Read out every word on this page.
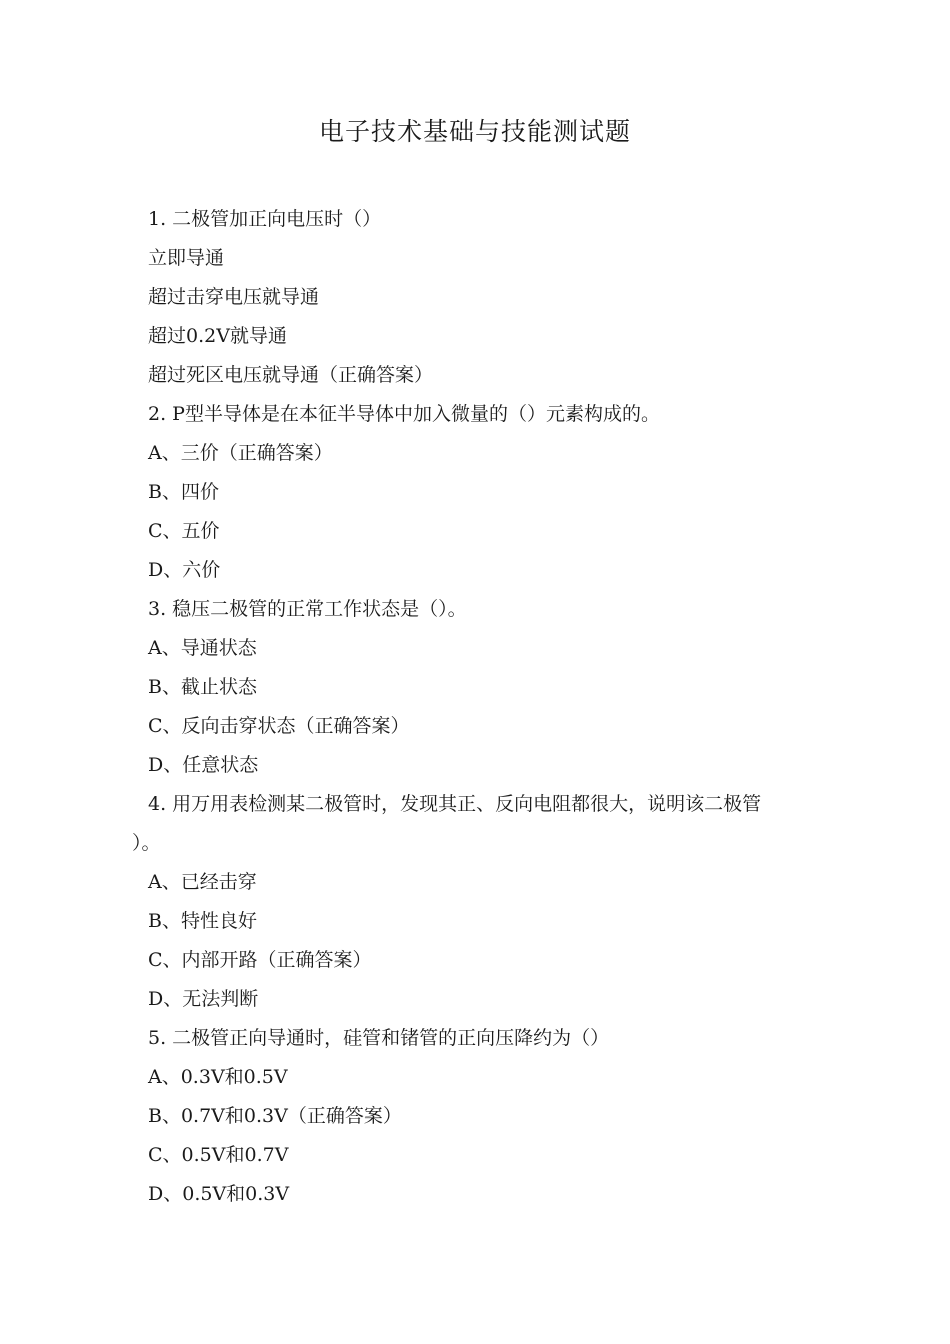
电子技术基础与技能测试题
1. 二极管加正向电压时（）
立即导通
超过击穿电压就导通
超过0.2V就导通
超过死区电压就导通（正确答案）
2. P型半导体是在本征半导体中加入微量的（）元素构成的。
A、三价（正确答案）
B、四价
C、五价
D、六价
3. 稳压二极管的正常工作状态是（）。
A、导通状态
B、截止状态
C、反向击穿状态（正确答案）
D、任意状态
4. 用万用表检测某二极管时，发现其正、反向电阻都很大，说明该二极管
）。
A、已经击穿
B、特性良好
C、内部开路（正确答案）
D、无法判断
5. 二极管正向导通时，硅管和锗管的正向压降约为（）
A、0.3V和0.5V
B、0.7V和0.3V（正确答案）
C、0.5V和0.7V
D、0.5V和0.3V
